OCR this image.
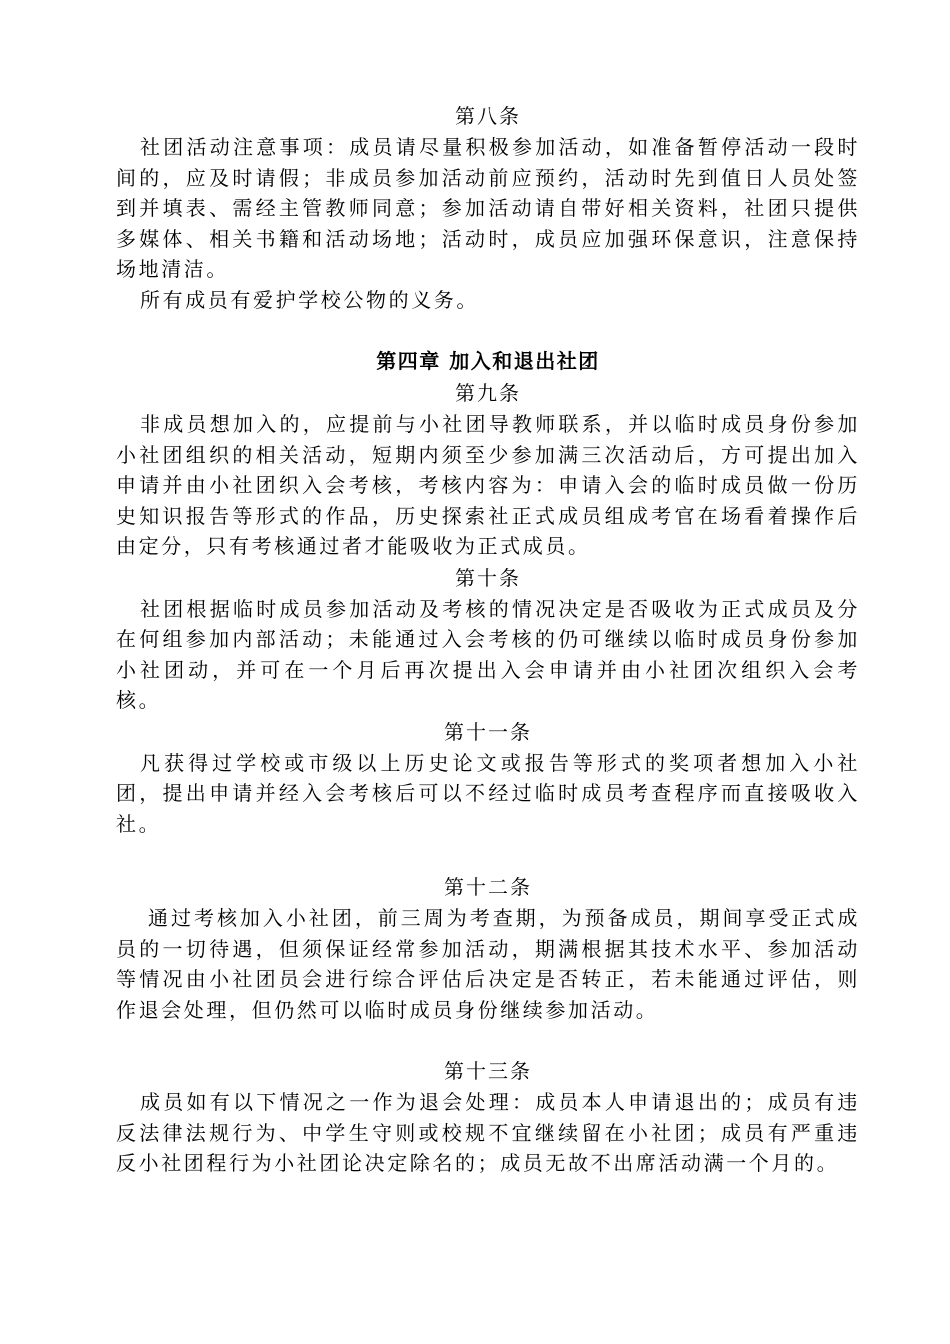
第八条

社团活动注意事项：成员请尽量积极参加活动，如准备暂停活动一段时间的，应及时请假；非成员参加活动前应预约，活动时先到值日人员处签到并填表、需经主管教师同意；参加活动请自带好相关资料，社团只提供多媒体、相关书籍和活动场地；活动时，成员应加强环保意识，注意保持场地清洁。

所有成员有爱护学校公物的义务。

第四章 加入和退出社团
第九条

非成员想加入的，应提前与小社团导教师联系，并以临时成员身份参加小社团组织的相关活动，短期内须至少参加满三次活动后，方可提出加入申请并由小社团织入会考核，考核内容为：申请入会的临时成员做一份历史知识报告等形式的作品，历史探索社正式成员组成考官在场看着操作后由定分，只有考核通过者才能吸收为正式成员。

第十条

社团根据临时成员参加活动及考核的情况决定是否吸收为正式成员及分在何组参加内部活动；未能通过入会考核的仍可继续以临时成员身份参加小社团动，并可在一个月后再次提出入会申请并由小社团次组织入会考核。

第十一条

凡获得过学校或市级以上历史论文或报告等形式的奖项者想加入小社团，提出申请并经入会考核后可以不经过临时成员考查程序而直接吸收入社。

第十二条

通过考核加入小社团，前三周为考查期，为预备成员，期间享受正式成员的一切待遇，但须保证经常参加活动，期满根据其技术水平、参加活动等情况由小社团员会进行综合评估后决定是否转正，若未能通过评估，则作退会处理，但仍然可以临时成员身份继续参加活动。

第十三条

成员如有以下情况之一作为退会处理：成员本人申请退出的；成员有违反法律法规行为、中学生守则或校规不宜继续留在小社团；成员有严重违反小社团程行为小社团论决定除名的；成员无故不出席活动满一个月的。
